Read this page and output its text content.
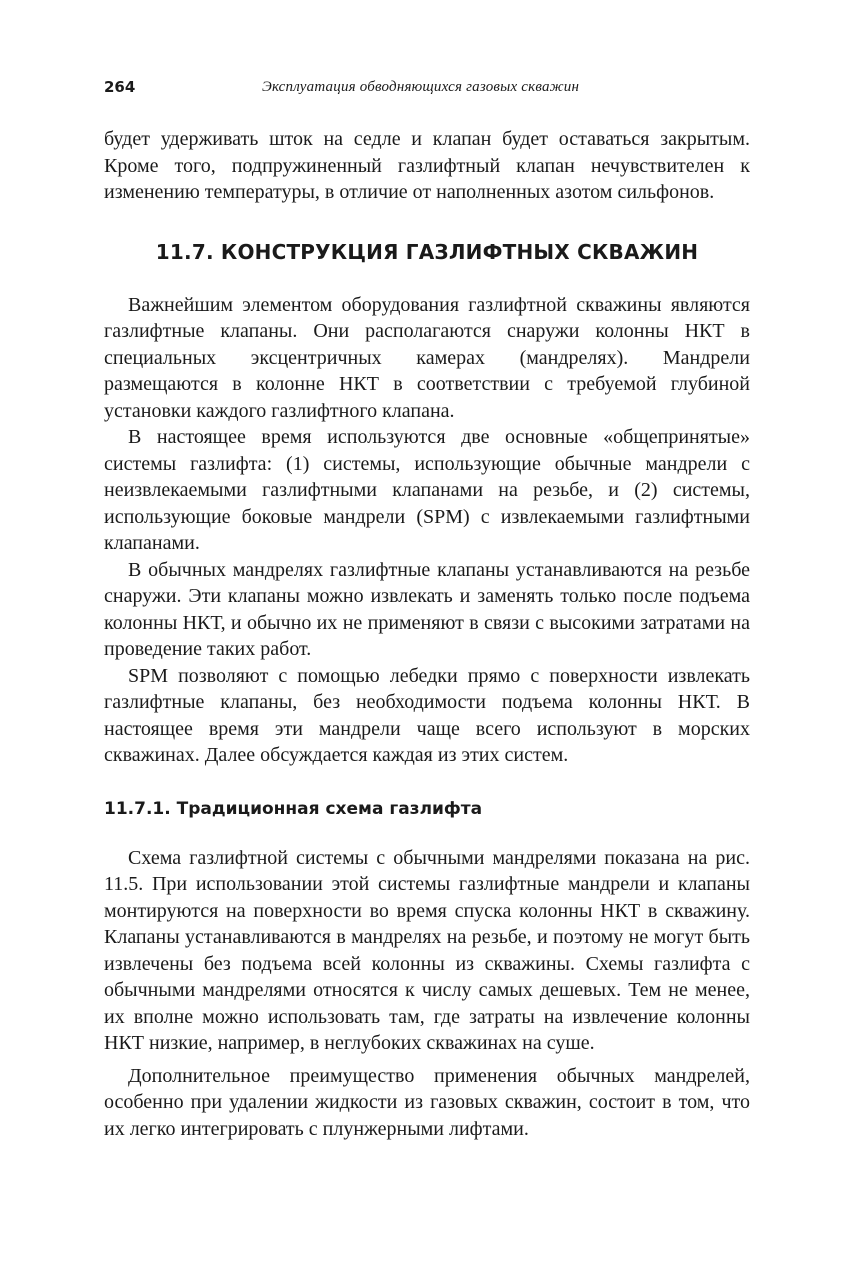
264	Эксплуатация обводняющихся газовых скважин

будет удерживать шток на седле и клапан будет оставаться закрытым. Кроме того, подпружиненный газлифтный клапан нечувствителен к изменению температуры, в отличие от наполненных азотом сильфонов.

11.7. КОНСТРУКЦИЯ ГАЗЛИФТНЫХ СКВАЖИН

Важнейшим элементом оборудования газлифтной скважины являются газлифтные клапаны. Они располагаются снаружи колонны НКТ в специальных эксцентричных камерах (мандрелях). Мандрели размещаются в колонне НКТ в соответствии с требуемой глубиной установки каждого газлифтного клапана.

В настоящее время используются две основные «общепринятые» системы газлифта: (1) системы, использующие обычные мандрели с неизвлекаемыми газлифтными клапанами на резьбе, и (2) системы, использующие боковые мандрели (SPM) с извлекаемыми газлифтными клапанами.

В обычных мандрелях газлифтные клапаны устанавливаются на резьбе снаружи. Эти клапаны можно извлекать и заменять только после подъема колонны НКТ, и обычно их не применяют в связи с высокими затратами на проведение таких работ.

SPM позволяют с помощью лебедки прямо с поверхности извлекать газлифтные клапаны, без необходимости подъема колонны НКТ. В настоящее время эти мандрели чаще всего используют в морских скважинах. Далее обсуждается каждая из этих систем.

11.7.1. Традиционная схема газлифта

Схема газлифтной системы с обычными мандрелями показана на рис. 11.5. При использовании этой системы газлифтные мандрели и клапаны монтируются на поверхности во время спуска колонны НКТ в скважину. Клапаны устанавливаются в мандрелях на резьбе, и поэтому не могут быть извлечены без подъема всей колонны из скважины. Схемы газлифта с обычными мандрелями относятся к числу самых дешевых. Тем не менее, их вполне можно использовать там, где затраты на извлечение колонны НКТ низкие, например, в неглубоких скважинах на суше.

Дополнительное преимущество применения обычных мандрелей, особенно при удалении жидкости из газовых скважин, состоит в том, что их легко интегрировать с плунжерными лифтами.
